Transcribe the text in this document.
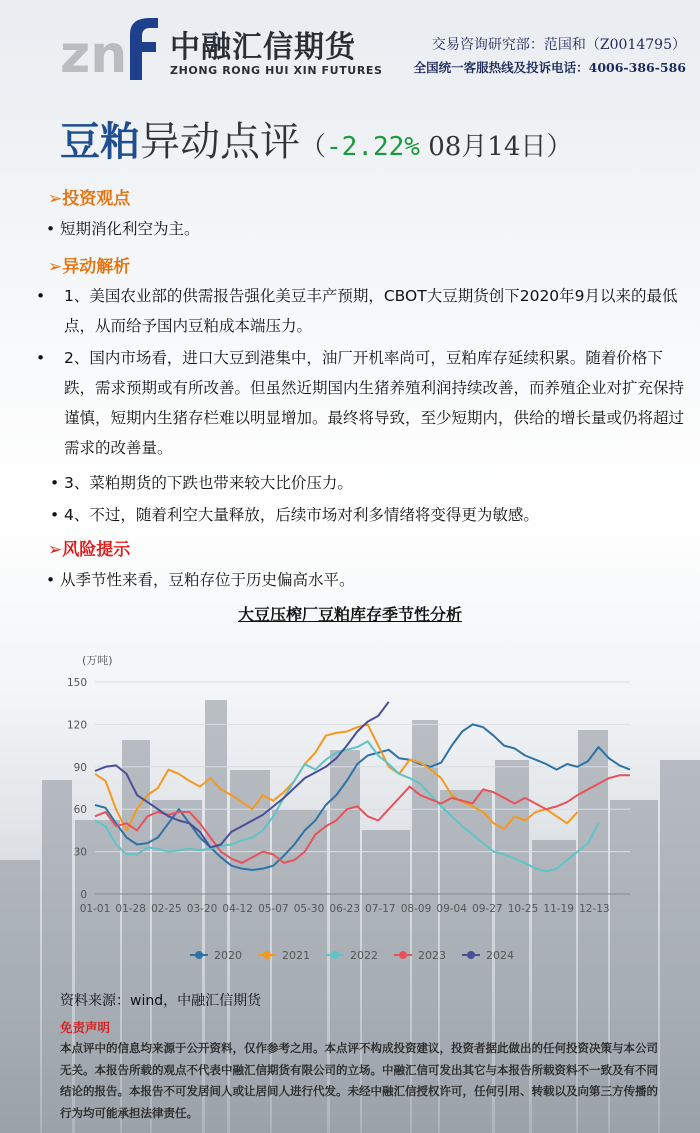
zn 中融汇信期货
ZHONG RONG HUI XIN FUTURES
交易咨询研究部：范国和（Z0014795）
全国统一客服热线及投诉电话：4006-386-586
豆粕异动点评（-2.22% 08月14日）
➢投资观点
• 短期消化利空为主。
➢异动解析
• 1、美国农业部的供需报告强化美豆丰产预期，CBOT大豆期货创下2020年9月以来的最低点，从而给予国内豆粕成本端压力。
• 2、国内市场看，进口大豆到港集中，油厂开机率尚可，豆粕库存延续积累。随着价格下跌，需求预期或有所改善。但虽然近期国内生猪养殖利润持续改善，而养殖企业对扩充保持谨慎，短期内生猪存栏难以明显增加。最终将导致，至少短期内，供给的增长量或仍将超过需求的改善量。
• 3、菜粕期货的下跌也带来较大比价压力。
• 4、不过，随着利空大量释放，后续市场对利多情绪将变得更为敏感。
➢风险提示
• 从季节性来看，豆粕存位于历史偏高水平。
大豆压榨厂豆粕库存季节性分析
(万吨)
0
30
60
90
120
150
01-01 01-28 02-25 03-20 04-12 05-07 05-30 06-23 07-17 08-09 09-04 09-27 10-25 11-19 12-13
2020	2021	2022	2023	2024
资料来源：wind，中融汇信期货
免责声明
本点评中的信息均来源于公开资料，仅作参考之用。本点评不构成投资建议，投资者据此做出的任何投资决策与本公司无关。本报告所载的观点不代表中融汇信期货有限公司的立场。中融汇信可发出其它与本报告所载资料不一致及有不同结论的报告。本报告不可发居间人或让居间人进行代发。未经中融汇信授权许可，任何引用、转载以及向第三方传播的行为均可能承担法律责任。
